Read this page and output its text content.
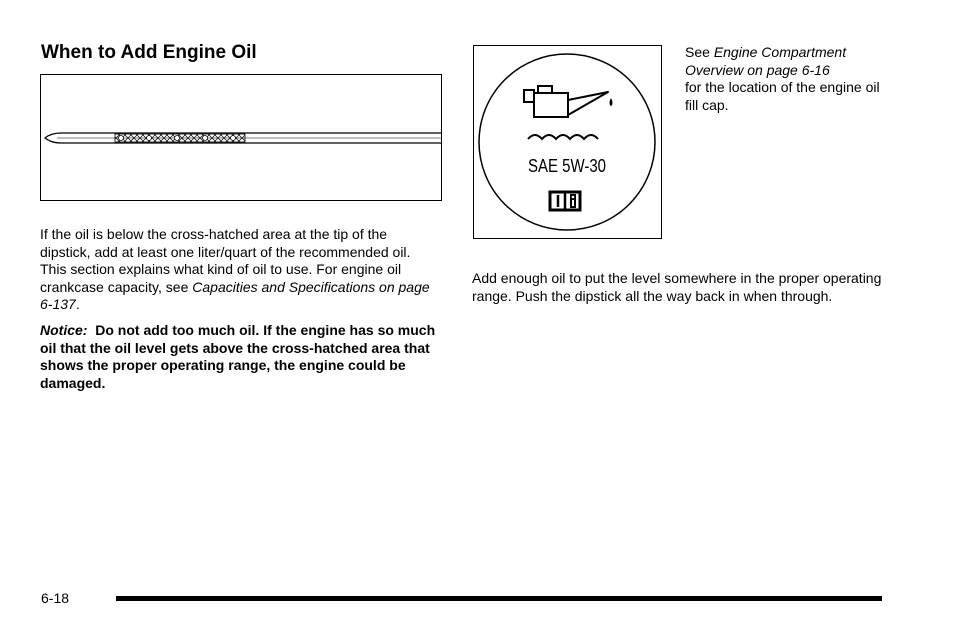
When to Add Engine Oil

If the oil is below the cross-hatched area at the tip of the dipstick, add at least one liter/quart of the recommended oil. This section explains what kind of oil to use. For engine oil crankcase capacity, see Capacities and Specifications on page 6-137.

Notice: Do not add too much oil. If the engine has so much oil that the oil level gets above the cross-hatched area that shows the proper operating range, the engine could be damaged.

SAE 5W-30

See Engine Compartment Overview on page 6-16
for the location of the engine oil fill cap.

Add enough oil to put the level somewhere in the proper operating range. Push the dipstick all the way back in when through.

6-18
